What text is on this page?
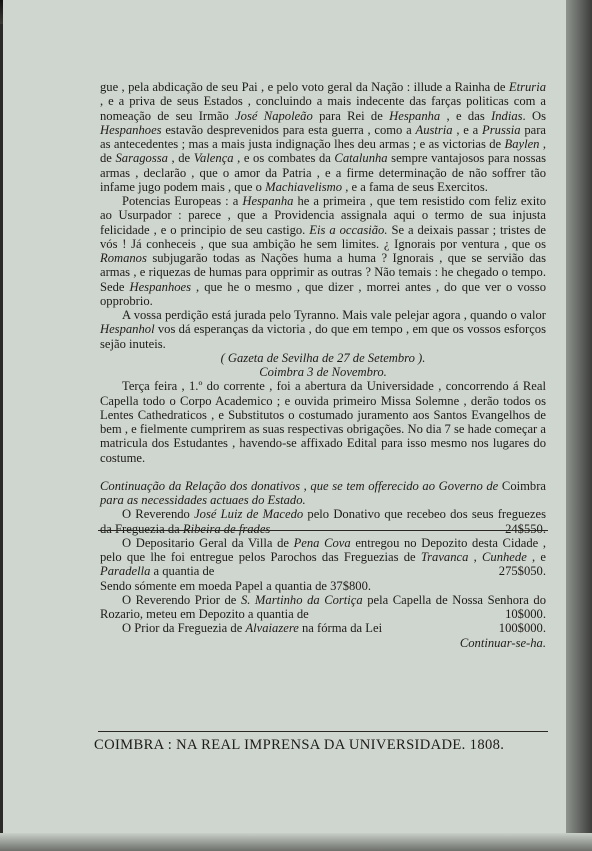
gue , pela abdicação de seu Pai , e pelo voto geral da Nação : illude a Rainha de Etruria , e a priva de seus Estados , concluindo a mais indecente das farças politicas com a nomeação de seu Irmão José Napoleão para Rei de Hespanha , e das Indias. Os Hespanhoes estavão desprevenidos para esta guerra , como a Austria , e a Prussia para as antecedentes ; mas a mais justa indignação lhes deu armas ; e as victorias de Baylen , de Saragossa , de Valença , e os combates da Catalunha sempre vantajosos para nossas armas , declarão , que o amor da Patria , e a firme determinação de não soffrer tão infame jugo podem mais , que o Machiavelismo , e a fama de seus Exercitos.

Potencias Europeas : a Hespanha he a primeira , que tem resistido com feliz exito ao Usurpador : parece , que a Providencia assignala aqui o termo de sua injusta felicidade , e o principio de seu castigo. Eis a occasião. Se a deixais passar ; tristes de vós ! Já conheceis , que sua ambição he sem limites. ¿ Ignorais por ventura , que os Romanos subjugarão todas as Nações huma a huma ? Ignorais , que se servião das armas , e riquezas de humas para opprimir as outras ? Não temais : he chegado o tempo. Sede Hespanhoes , que he o mesmo , que dizer , morrei antes , do que ver o vosso opprobrio.

A vossa perdição está jurada pelo Tyranno. Mais vale pelejar agora , quando o valor Hespanhol vos dá esperanças da victoria , do que em tempo , em que os vossos esforços sejão inuteis.

( Gazeta de Sevilha de 27 de Setembro ).

Coimbra 3 de Novembro.

Terça feira , 1.º do corrente , foi a abertura da Universidade , concorrendo á Real Capella todo o Corpo Academico ; e ouvida primeiro Missa Solemne , derão todos os Lentes Cathedraticos , e Substitutos o costumado juramento aos Santos Evangelhos de bem , e fielmente cumprirem as suas respectivas obrigações. No dia 7 se hade começar a matricula dos Estudantes , havendo-se affixado Edital para isso mesmo nos lugares do costume.

Continuação da Relação dos donativos , que se tem offerecido ao Governo de Coimbra para as necessidades actuaes do Estado.

O Reverendo José Luiz de Macedo pelo Donativo que recebeo dos seus freguezes da Freguezia da Ribeira de frades	24$550.

O Depositario Geral da Villa de Pena Cova entregou no Depozito desta Cidade , pelo que lhe foi entregue pelos Parochos das Freguezias de Travanca , Cunhede , e Paradella a quantia de	275$050.

Sendo sómente em moeda Papel a quantia de 37$800.

O Reverendo Prior de S. Martinho da Cortiça pela Capella de Nossa Senhora do Rozario, meteu em Depozito a quantia de	10$000.

O Prior da Freguezia de Alvaiazere na fórma da Lei	100$000.

Continuar-se-ha.

COIMBRA : NA REAL IMPRENSA DA UNIVERSIDADE. 1808.
